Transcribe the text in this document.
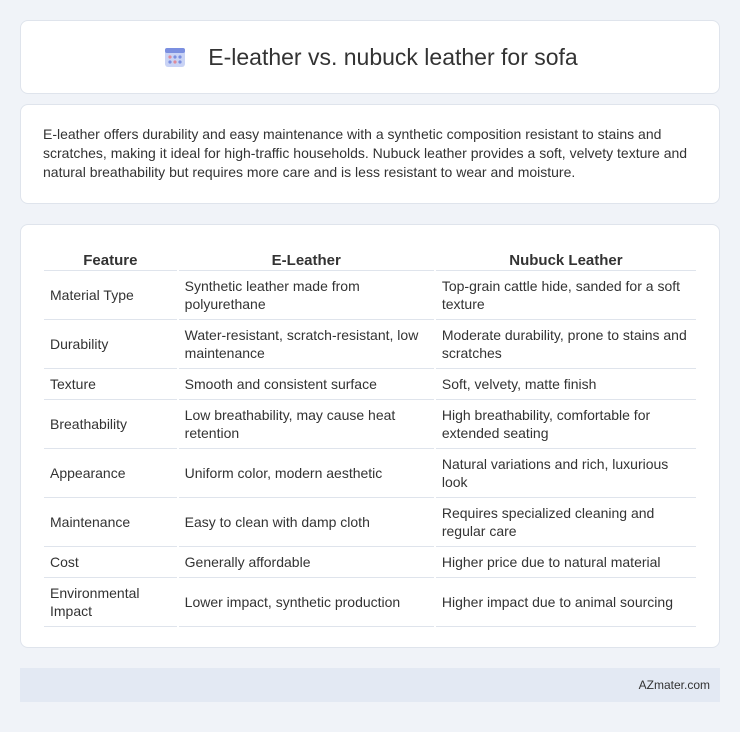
E-leather vs. nubuck leather for sofa

E-leather offers durability and easy maintenance with a synthetic composition resistant to stains and scratches, making it ideal for high-traffic households. Nubuck leather provides a soft, velvety texture and natural breathability but requires more care and is less resistant to wear and moisture.

Feature	E-Leather	Nubuck Leather
Material Type	Synthetic leather made from polyurethane	Top-grain cattle hide, sanded for a soft texture
Durability	Water-resistant, scratch-resistant, low maintenance	Moderate durability, prone to stains and scratches
Texture	Smooth and consistent surface	Soft, velvety, matte finish
Breathability	Low breathability, may cause heat retention	High breathability, comfortable for extended seating
Appearance	Uniform color, modern aesthetic	Natural variations and rich, luxurious look
Maintenance	Easy to clean with damp cloth	Requires specialized cleaning and regular care
Cost	Generally affordable	Higher price due to natural material
Environmental Impact	Lower impact, synthetic production	Higher impact due to animal sourcing
AZmater.com
